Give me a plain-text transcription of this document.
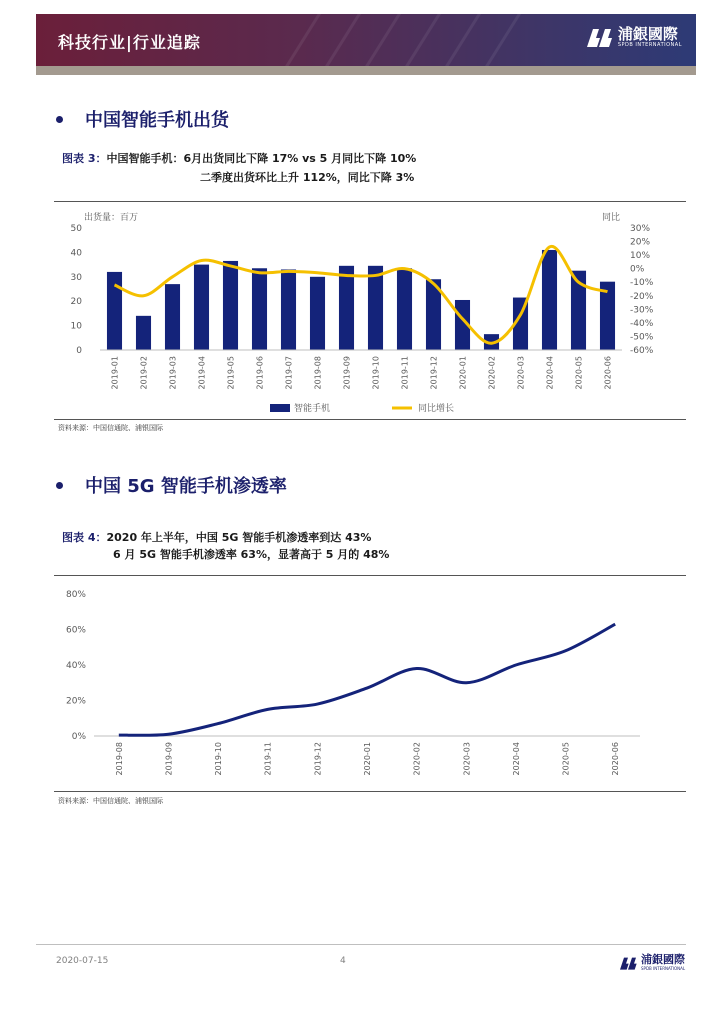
科技行业|行业追踪	浦銀國際
SPDB INTERNATIONAL
中国智能手机出货
图表 3：中国智能手机：6月出货同比下降 17% vs 5 月同比下降 10%
二季度出货环比上升 112%，同比下降 3%
出货量：百万	同比
0
10
20
30
40
50
-60%
-50%
-40%
-30%
-20%
-10%
0%
10%
20%
30%
2019-01	2019-02	2019-03	2019-04	2019-05	2019-06	2019-07	2019-08	2019-09	2019-10	2019-11	2019-12	2020-01	2020-02	2020-03	2020-04	2020-05	2020-06
智能手机	同比增长
资料来源：中国信通院、浦银国际
中国 5G 智能手机渗透率
图表 4：2020 年上半年，中国 5G 智能手机渗透率到达 43%
6 月 5G 智能手机渗透率 63%，显著高于 5 月的 48%
0%
20%
40%
60%
80%
2019-08	2019-09	2019-10	2019-11	2019-12	2020-01	2020-02	2020-03	2020-04	2020-05	2020-06
资料来源：中国信通院、浦银国际
2020-07-15	4	浦銀國際
SPDB INTERNATIONAL
